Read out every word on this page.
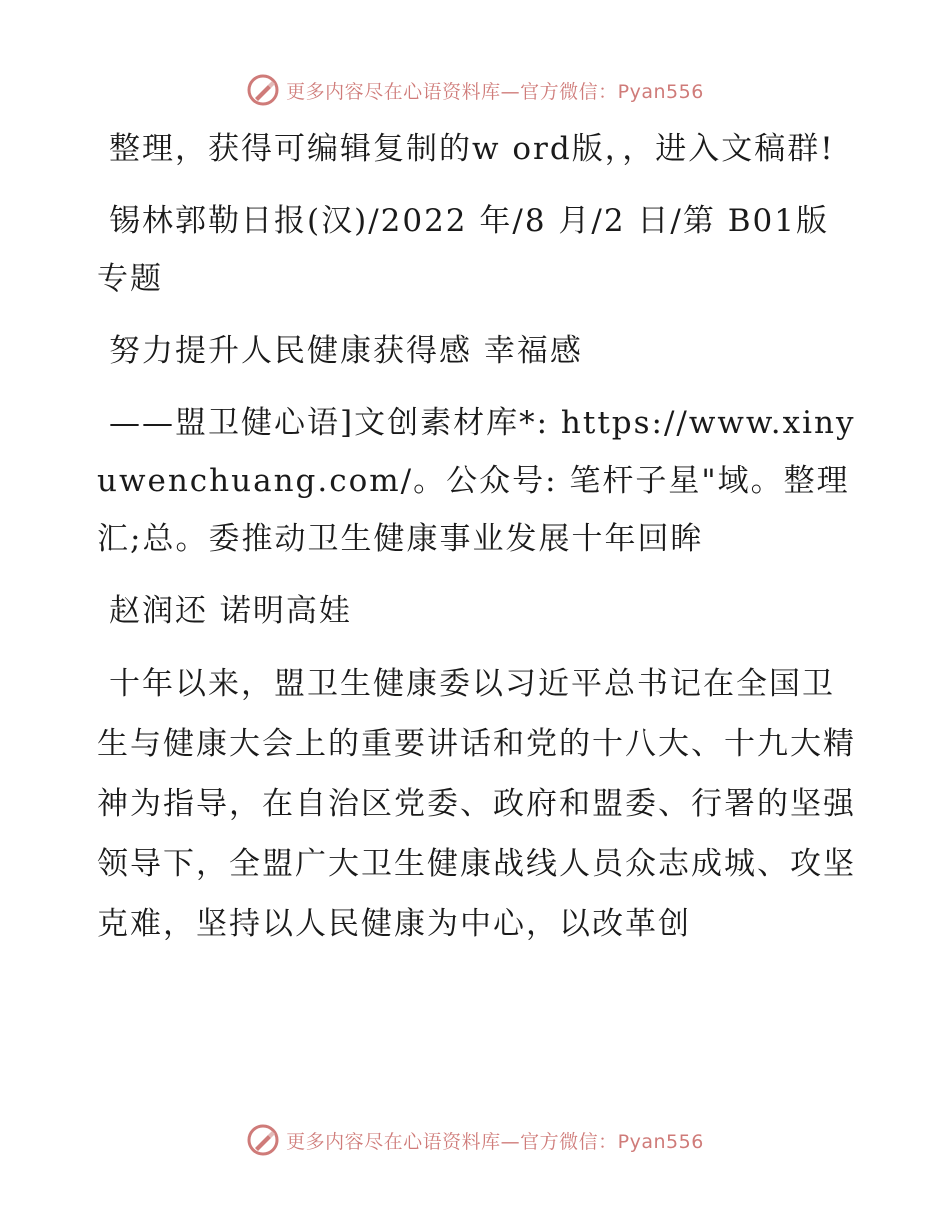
更多内容尽在心语资料库—官方微信：Pyan556

整理，获得可编辑复制的w ord版，，进入文稿群!

锡林郭勒日报(汉)/2022 年/8 月/2 日/第 B01版专题

努力提升人民健康获得感 幸福感

——盟卫健心语]文创素材库*: https://www.xinyuwenchuang.com/。公众号: 笔杆子星"域。整理汇;总。委推动卫生健康事业发展十年回眸

赵润还 诺明高娃

十年以来，盟卫生健康委以习近平总书记在全国卫生与健康大会上的重要讲话和党的十八大、十九大精神为指导，在自治区党委、政府和盟委、行署的坚强领导下，全盟广大卫生健康战线人员众志成城、攻坚克难，坚持以人民健康为中心，以改革创

更多内容尽在心语资料库—官方微信：Pyan556
